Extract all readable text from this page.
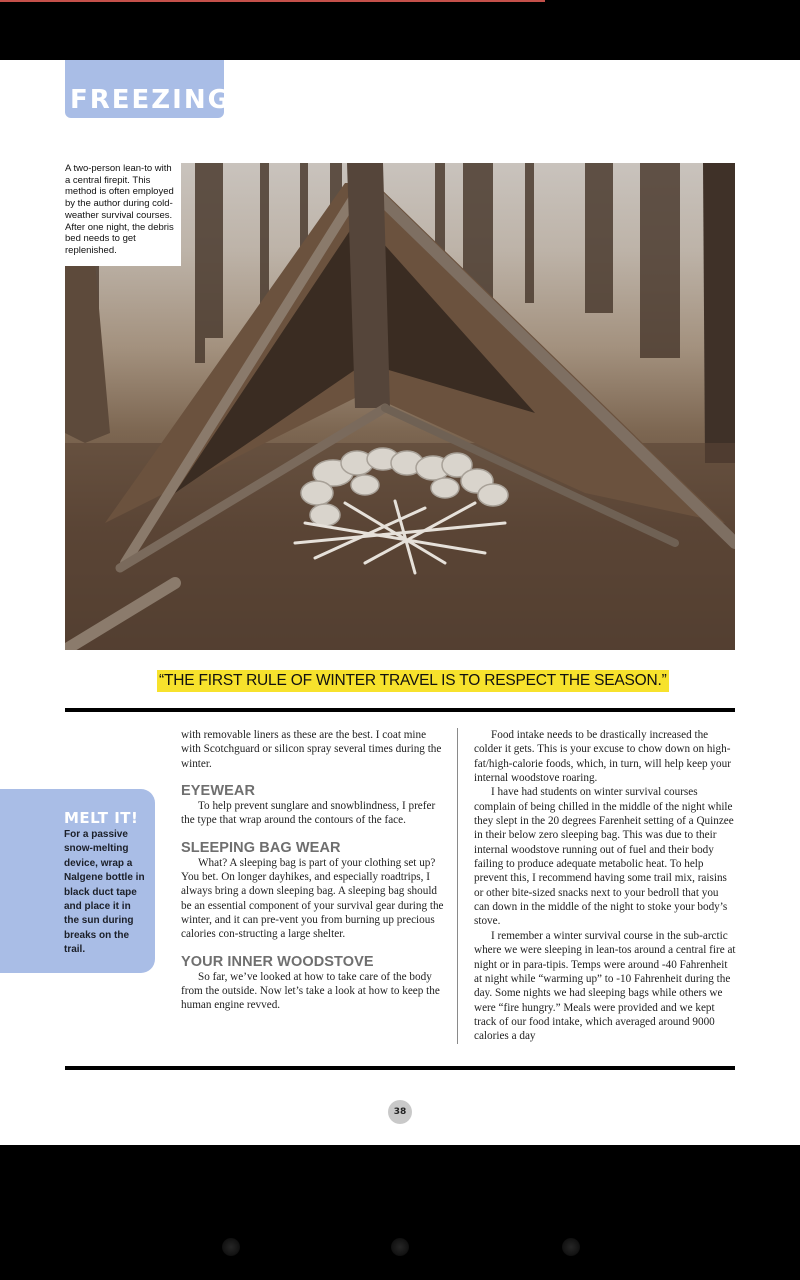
FREEZING
A two-person lean-to with a central firepit. This method is often employed by the author during cold-weather survival courses. After one night, the debris bed needs to get replenished.
“THE FIRST RULE OF WINTER TRAVEL IS TO RESPECT THE SEASON.”
MELT IT!
For a passive snow-melting device, wrap a Nalgene bottle in black duct tape and place it in the sun during breaks on the trail.

with removable liners as these are the best. I coat mine with Scotchguard or silicon spray several times during the winter.

EYEWEAR

To help prevent sunglare and snowblindness, I prefer the type that wrap around the contours of the face.

SLEEPING BAG WEAR

What? A sleeping bag is part of your clothing set up? You bet. On longer dayhikes, and especially roadtrips, I always bring a down sleeping bag. A sleeping bag should be an essential component of your survival gear during the winter, and it can pre-vent you from burning up precious calories con-structing a large shelter.

YOUR INNER WOODSTOVE

So far, we’ve looked at how to take care of the body from the outside. Now let’s take a look at how to keep the human engine revved.

Food intake needs to be drastically increased the colder it gets. This is your excuse to chow down on high-fat/high-calorie foods, which, in turn, will help keep your internal woodstove roaring.

I have had students on winter survival courses complain of being chilled in the middle of the night while they slept in the 20 degrees Farenheit setting of a Quinzee in their below zero sleeping bag. This was due to their internal woodstove running out of fuel and their body failing to produce adequate metabolic heat. To help prevent this, I recommend having some trail mix, raisins or other bite-sized snacks next to your bedroll that you can down in the middle of the night to stoke your body’s stove.

I remember a winter survival course in the sub-arctic where we were sleeping in lean-tos around a central fire at night or in para-tipis. Temps were around -40 Fahrenheit at night while “warming up” to -10 Fahrenheit during the day. Some nights we had sleeping bags while others we were “fire hungry.” Meals were provided and we kept track of our food intake, which averaged around 9000 calories a day

38
